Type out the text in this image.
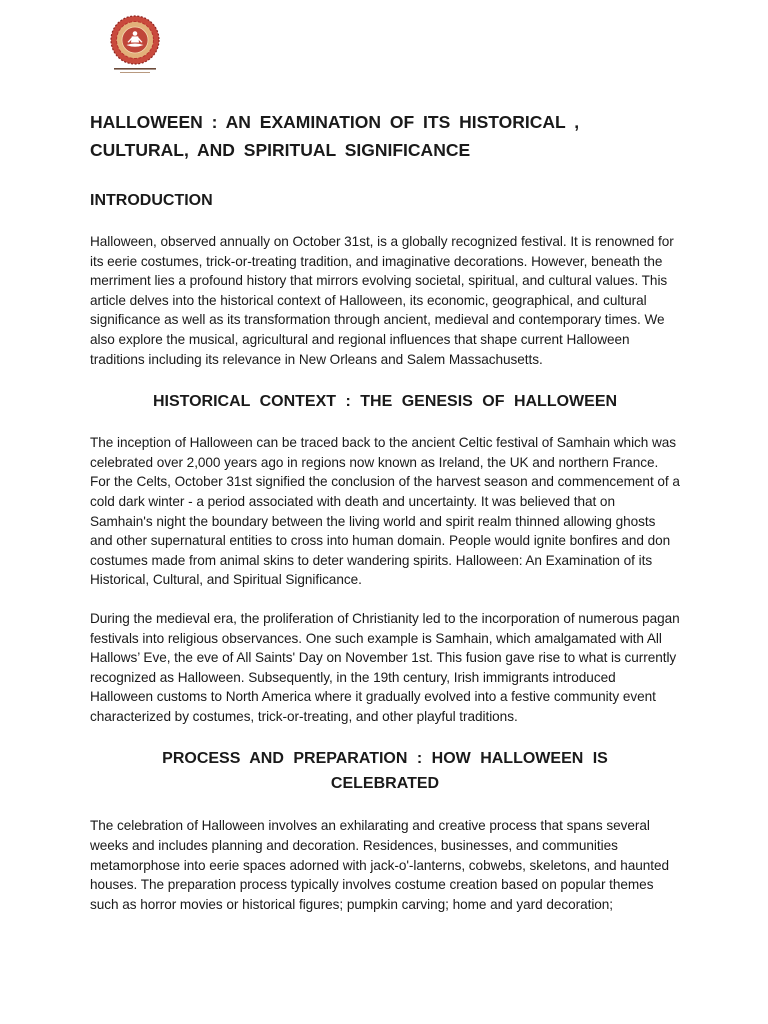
HALLOWEEN : AN EXAMINATION OF ITS HISTORICAL , CULTURAL, AND SPIRITUAL SIGNIFICANCE
INTRODUCTION

Halloween, observed annually on October 31st, is a globally recognized festival. It is renowned for its eerie costumes, trick-or-treating tradition, and imaginative decorations. However, beneath the merriment lies a profound history that mirrors evolving societal, spiritual, and cultural values. This article delves into the historical context of Halloween, its economic, geographical, and cultural significance as well as its transformation through ancient, medieval and contemporary times. We also explore the musical, agricultural and regional influences that shape current Halloween traditions including its relevance in New Orleans and Salem Massachusetts.

HISTORICAL CONTEXT : THE GENESIS OF HALLOWEEN

The inception of Halloween can be traced back to the ancient Celtic festival of Samhain which was celebrated over 2,000 years ago in regions now known as Ireland, the UK and northern France. For the Celts, October 31st signified the conclusion of the harvest season and commencement of a cold dark winter - a period associated with death and uncertainty. It was believed that on Samhain's night the boundary between the living world and spirit realm thinned allowing ghosts and other supernatural entities to cross into human domain. People would ignite bonfires and don costumes made from animal skins to deter wandering spirits. Halloween: An Examination of its Historical, Cultural, and Spiritual Significance.

During the medieval era, the proliferation of Christianity led to the incorporation of numerous pagan festivals into religious observances. One such example is Samhain, which amalgamated with All Hallows’ Eve, the eve of All Saints' Day on November 1st. This fusion gave rise to what is currently recognized as Halloween. Subsequently, in the 19th century, Irish immigrants introduced Halloween customs to North America where it gradually evolved into a festive community event characterized by costumes, trick-or-treating, and other playful traditions.

PROCESS AND PREPARATION : HOW HALLOWEEN IS CELEBRATED

The celebration of Halloween involves an exhilarating and creative process that spans several weeks and includes planning and decoration. Residences, businesses, and communities metamorphose into eerie spaces adorned with jack-o'-lanterns, cobwebs, skeletons, and haunted houses. The preparation process typically involves costume creation based on popular themes such as horror movies or historical figures; pumpkin carving; home and yard decoration;
